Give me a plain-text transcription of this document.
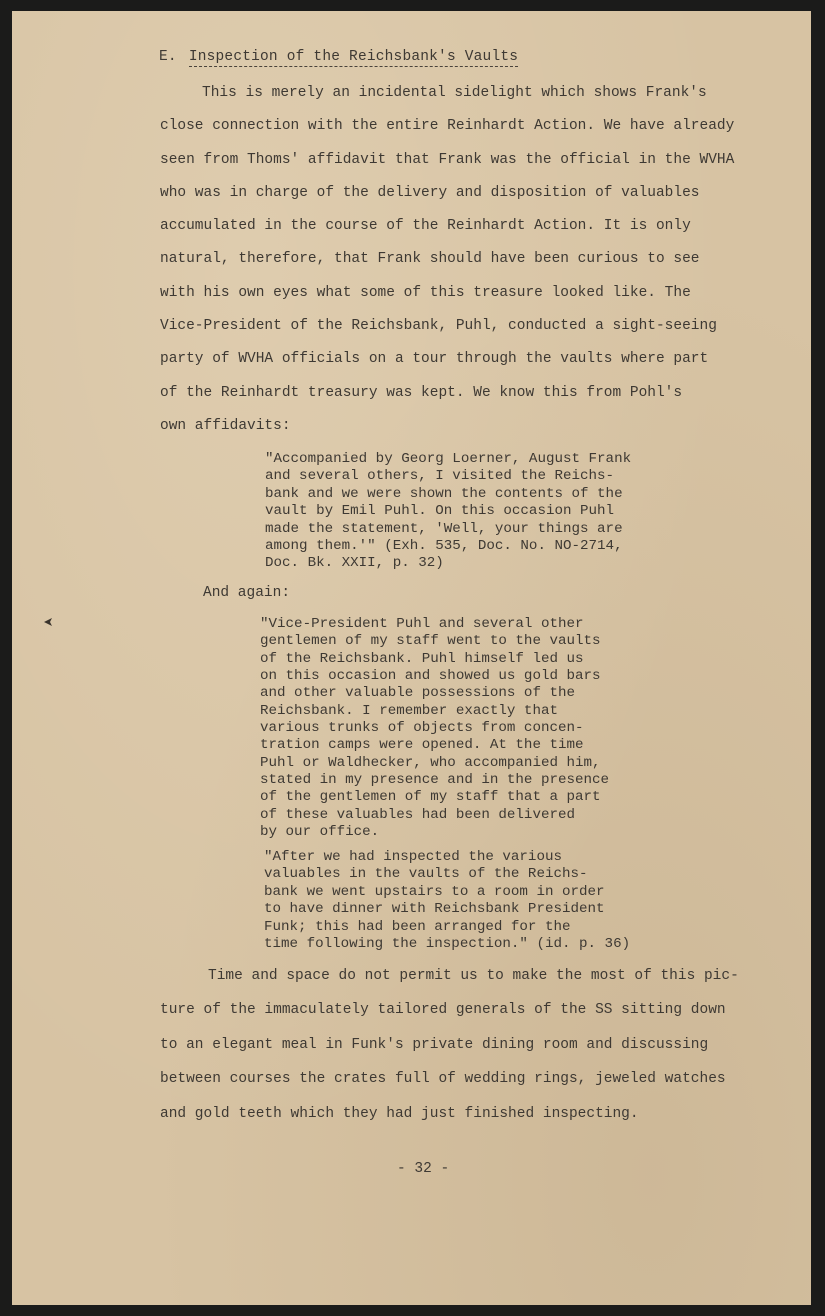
E. Inspection of the Reichsbank's Vaults
This is merely an incidental sidelight which shows Frank's
close connection with the entire Reinhardt Action. We have already
seen from Thoms' affidavit that Frank was the official in the WVHA
who was in charge of the delivery and disposition of valuables
accumulated in the course of the Reinhardt Action. It is only
natural, therefore, that Frank should have been curious to see
with his own eyes what some of this treasure looked like. The
Vice-President of the Reichsbank, Puhl, conducted a sight-seeing
party of WVHA officials on a tour through the vaults where part
of the Reinhardt treasury was kept. We know this from Pohl's
own affidavits:
"Accompanied by Georg Loerner, August Frank
and several others, I visited the Reichs-
bank and we were shown the contents of the
vault by Emil Puhl. On this occasion Puhl
made the statement, 'Well, your things are
among them.'" (Exh. 535, Doc. No. NO-2714,
Doc. Bk. XXII, p. 32)
And again:
"Vice-President Puhl and several other
gentlemen of my staff went to the vaults
of the Reichsbank. Puhl himself led us
on this occasion and showed us gold bars
and other valuable possessions of the
Reichsbank. I remember exactly that
various trunks of objects from concen-
tration camps were opened. At the time
Puhl or Waldhecker, who accompanied him,
stated in my presence and in the presence
of the gentlemen of my staff that a part
of these valuables had been delivered
by our office.
"After we had inspected the various
valuables in the vaults of the Reichs-
bank we went upstairs to a room in order
to have dinner with Reichsbank President
Funk; this had been arranged for the
time following the inspection." (id. p. 36)
Time and space do not permit us to make the most of this pic-
ture of the immaculately tailored generals of the SS sitting down
to an elegant meal in Funk's private dining room and discussing
between courses the crates full of wedding rings, jeweled watches
and gold teeth which they had just finished inspecting.
- 32 -
